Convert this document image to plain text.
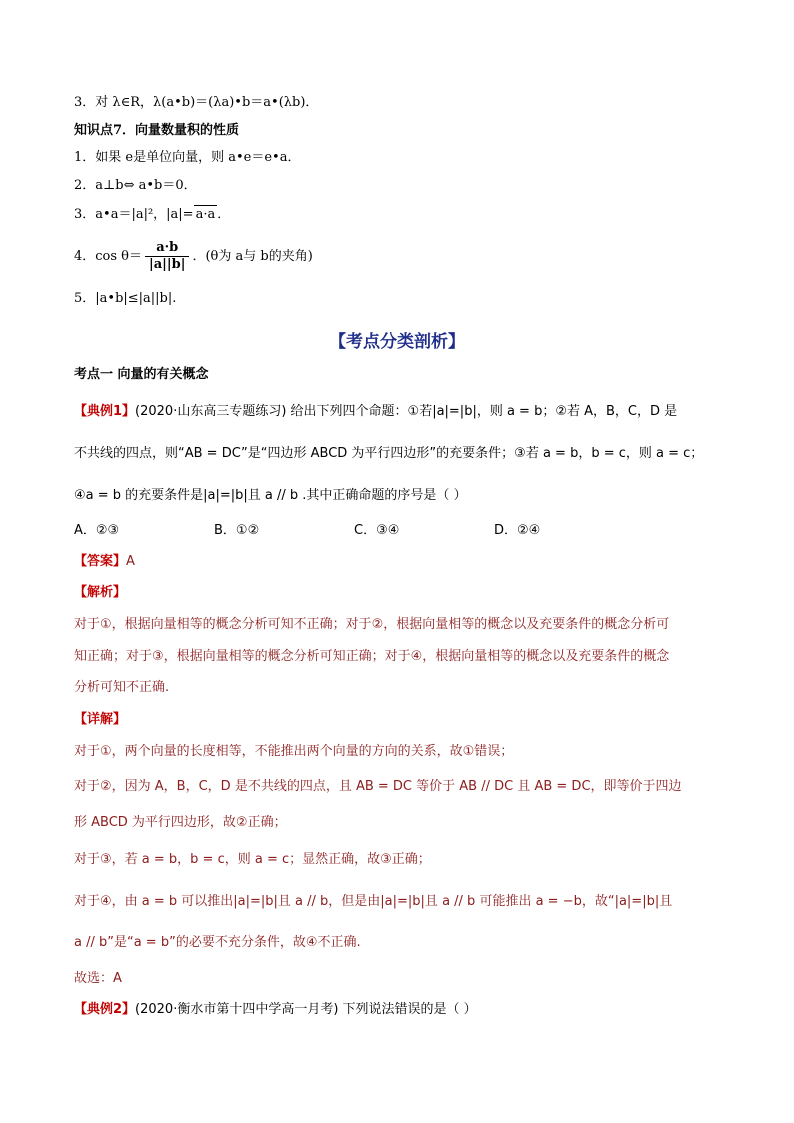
3．对 λ∈R，λ(a•b)＝(λa)•b＝a•(λb)．
知识点7．向量数量积的性质
1．如果 e是单位向量，则 a•e＝e•a．
2．a⊥b⇔ a•b＝0．
3．a•a＝|a|²，|a|= a·a ．
4．$\cos \theta= \frac{a\cdot b}{|a||b|}$ ．(θ为 a与 b的夹角)
5．|a•b|≤|a||b|.
【考点分类剖析】
考点一 向量的有关概念
【典例1】(2020·山东高三专题练习) 给出下列四个命题：①若|a|=|b|，则 a = b；②若 A，B，C，D 是
不共线的四点，则“AB = DC”是“四边形 ABCD 为平行四边形”的充要条件；③若 a = b，b = c，则 a = c；
④a = b 的充要条件是|a|=|b|且 a // b .其中正确命题的序号是（ ）
A．②③	B．①②	C．③④	D．②④
【答案】A
【解析】
对于①，根据向量相等的概念分析可知不正确；对于②，根据向量相等的概念以及充要条件的概念分析可
知正确；对于③，根据向量相等的概念分析可知正确；对于④，根据向量相等的概念以及充要条件的概念
分析可知不正确.
【详解】
对于①，两个向量的长度相等，不能推出两个向量的方向的关系，故①错误；
对于②，因为 A，B，C，D 是不共线的四点，且 AB = DC 等价于 AB // DC 且 AB = DC，即等价于四边
形 ABCD 为平行四边形，故②正确；
对于③，若 a = b，b = c，则 a = c；显然正确，故③正确；
对于④，由 a = b 可以推出|a|=|b|且 a // b，但是由|a|=|b|且 a // b 可能推出 a = −b，故“|a|=|b|且
a // b”是“a = b”的必要不充分条件，故④不正确.
故选：A
【典例2】(2020·衡水市第十四中学高一月考) 下列说法错误的是（ ）
